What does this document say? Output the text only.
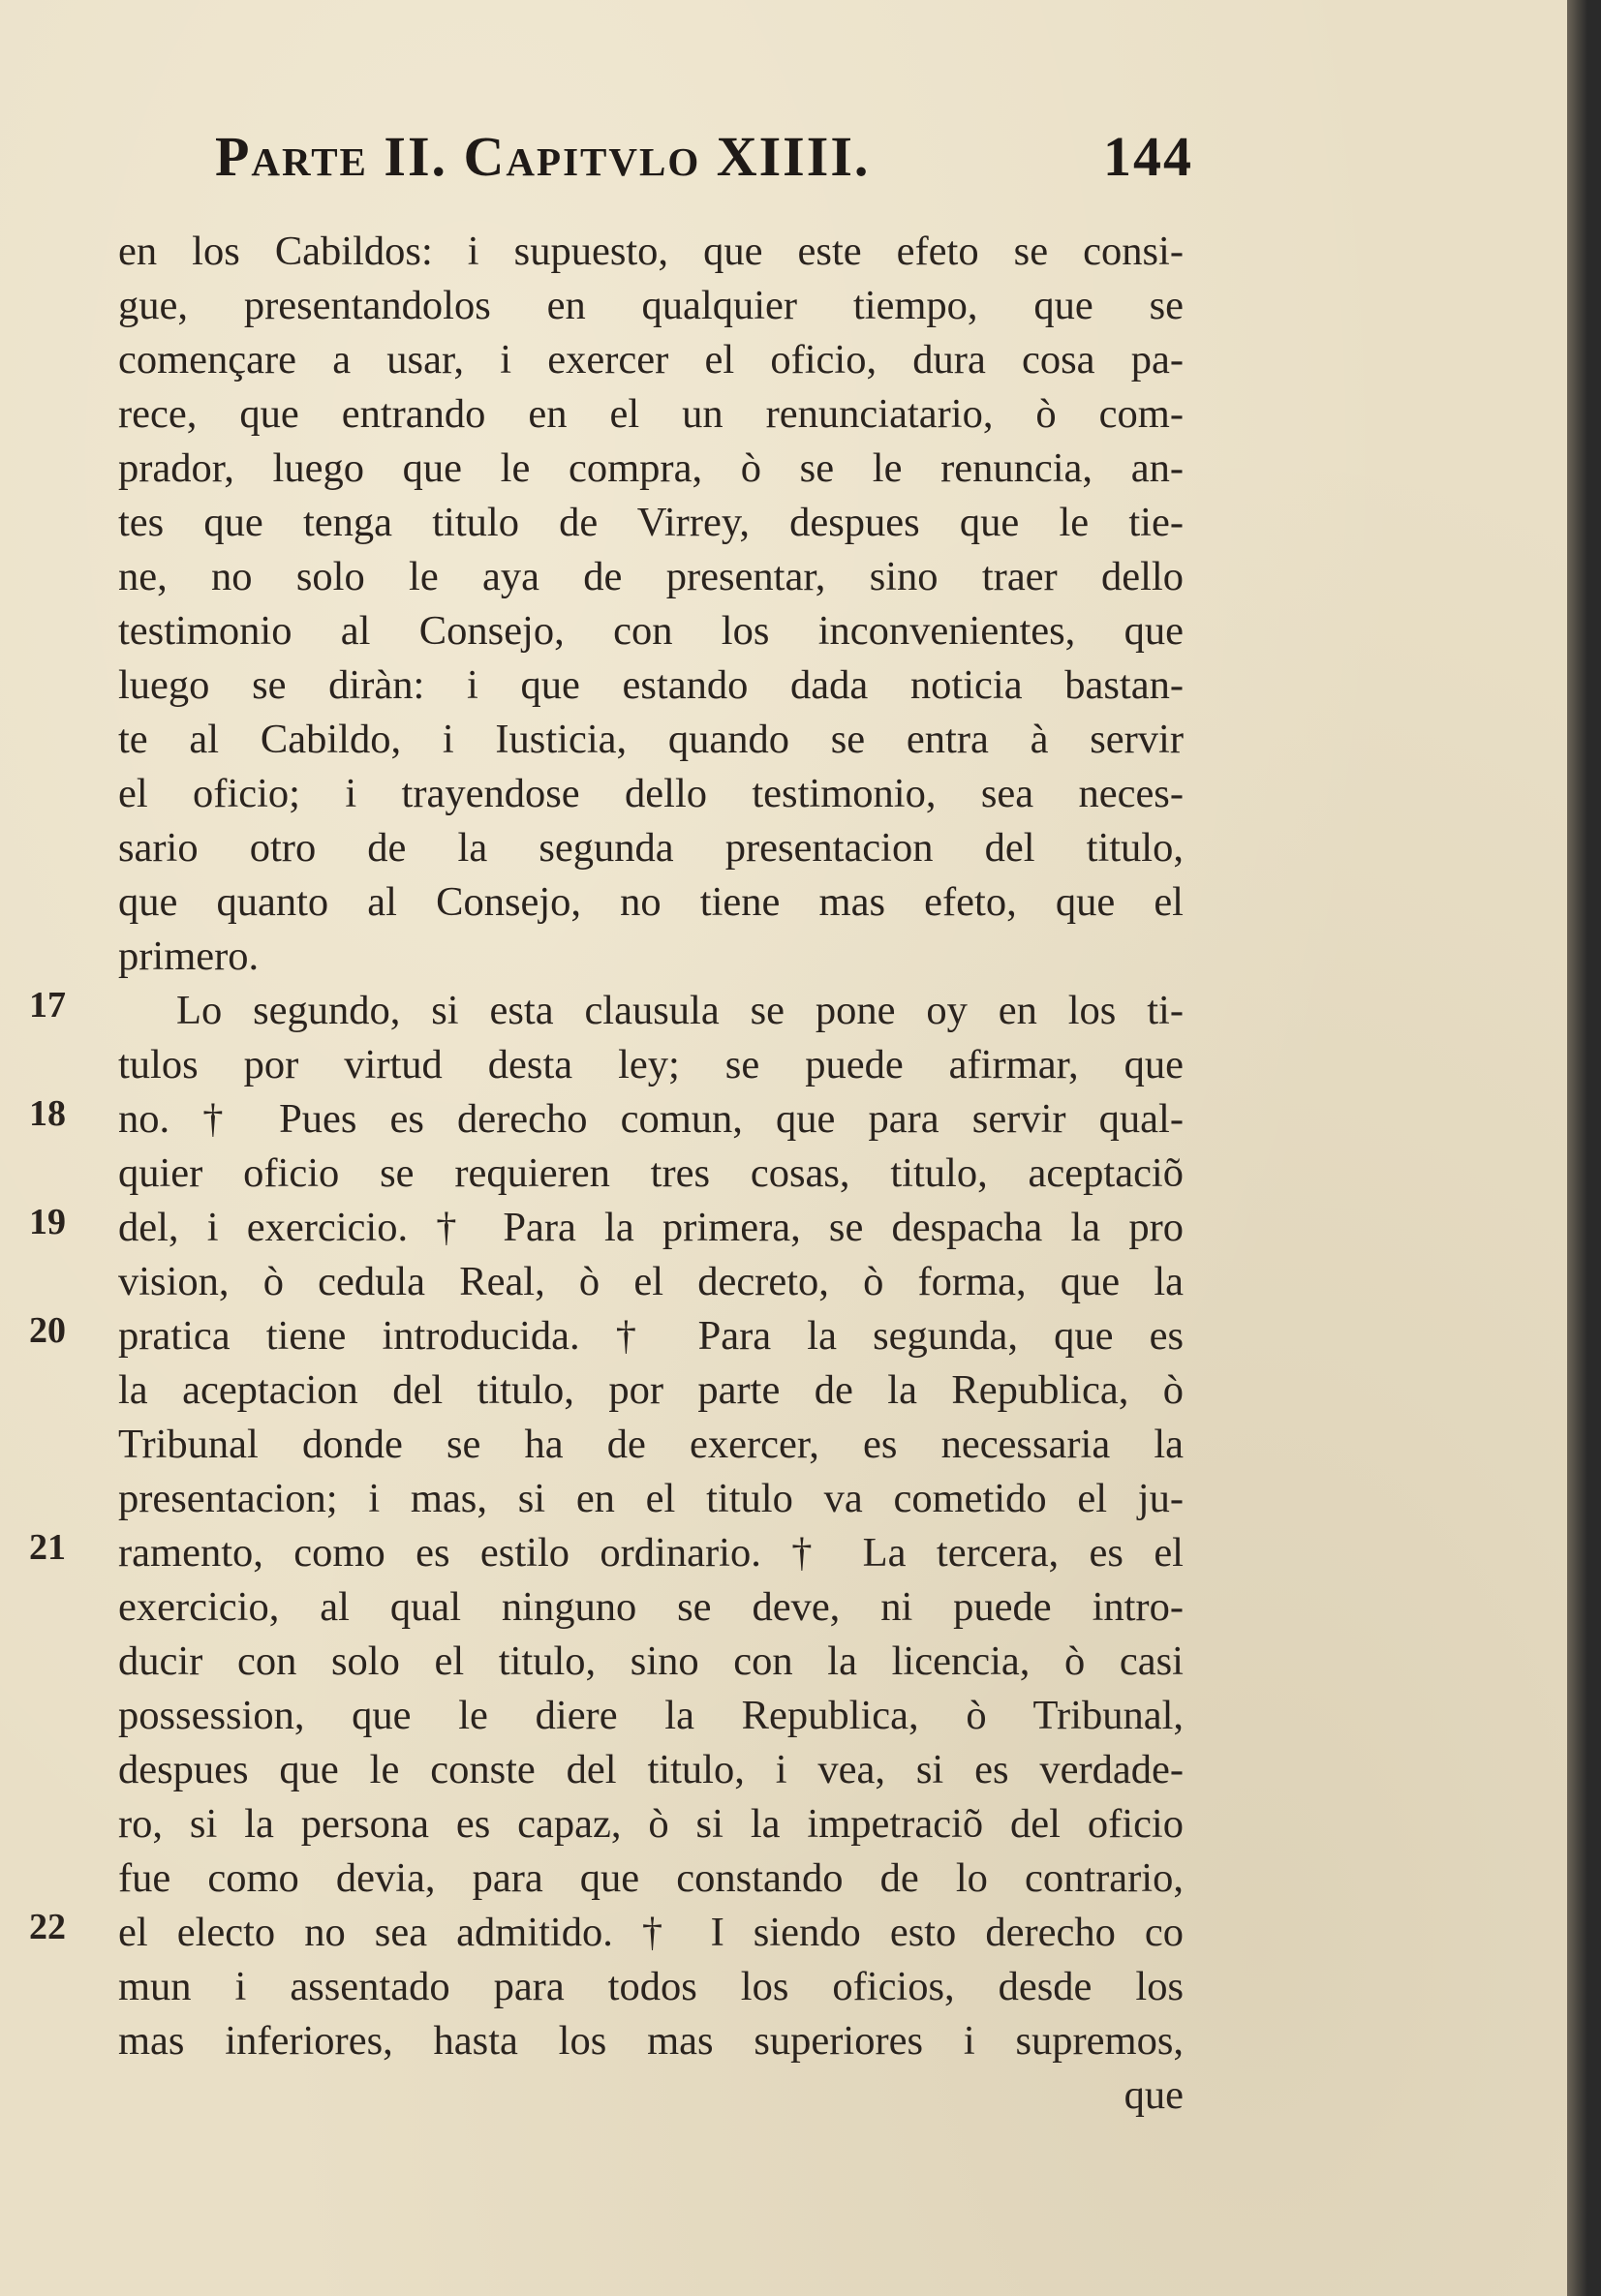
Parte II. Capitvlo XIIII.	144
en los Cabildos: i supuesto, que este efeto se consi-
gue, presentandolos en qualquier tiempo, que se
començare a usar, i exercer el oficio, dura cosa pa-
rece, que entrando en el un renunciatario, ò com-
prador, luego que le compra, ò se le renuncia, an-
tes que tenga titulo de Virrey, despues que le tie-
ne, no solo le aya de presentar, sino traer dello
testimonio al Consejo, con los inconvenientes, que
luego se diràn: i que estando dada noticia bastan-
te al Cabildo, i Iusticia, quando se entra à servir
el oficio; i trayendose dello testimonio, sea neces-
sario otro de la segunda presentacion del titulo,
que quanto al Consejo, no tiene mas efeto, que el
primero.
Lo segundo, si esta clausula se pone oy en los ti-
tulos por virtud desta ley; se puede afirmar, que
no. † Pues es derecho comun, que para servir qual-
quier oficio se requieren tres cosas, titulo, aceptaciõ
del, i exercicio. † Para la primera, se despacha la pro
vision, ò cedula Real, ò el decreto, ò forma, que la
pratica tiene introducida. † Para la segunda, que es
la aceptacion del titulo, por parte de la Republica, ò
Tribunal donde se ha de exercer, es necessaria la
presentacion; i mas, si en el titulo va cometido el ju-
ramento, como es estilo ordinario. † La tercera, es el
exercicio, al qual ninguno se deve, ni puede intro-
ducir con solo el titulo, sino con la licencia, ò casi
possession, que le diere la Republica, ò Tribunal,
despues que le conste del titulo, i vea, si es verdade-
ro, si la persona es capaz, ò si la impetraciõ del oficio
fue como devia, para que constando de lo contrario,
el electo no sea admitido. † I siendo esto derecho co
mun i assentado para todos los oficios, desde los
mas inferiores, hasta los mas superiores i supremos,
que
17
18
19
20
21
22
